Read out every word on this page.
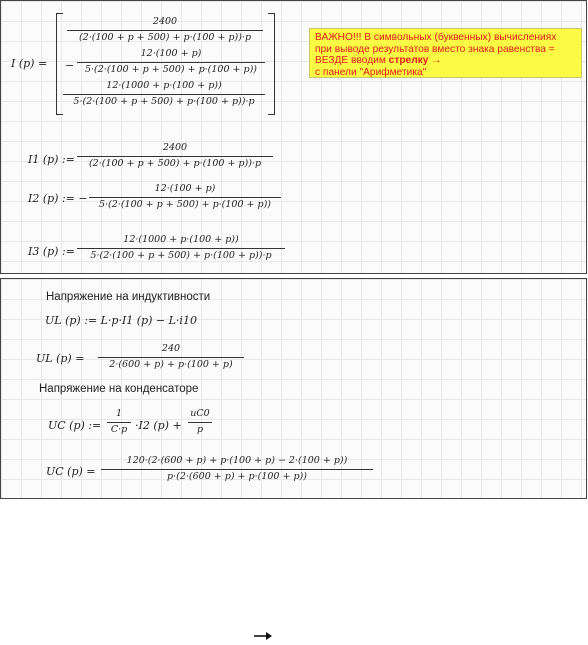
I (p) =
2400
(2·(100 + p + 500) + p·(100 + p))·p
−
12·(100 + p)
5·(2·(100 + p + 500) + p·(100 + p))
12·(1000 + p·(100 + p))
5·(2·(100 + p + 500) + p·(100 + p))·p
ВАЖНО!!! В символьных (буквенных) вычислениях
при выводе результатов вместо знака равенства =
ВЕЗДЕ вводим стрелку →
с панели "Арифметика"
I1 (p) :=
2400
(2·(100 + p + 500) + p·(100 + p))·p
I2 (p) := −
12·(100 + p)
5·(2·(100 + p + 500) + p·(100 + p))
I3 (p) :=
12·(1000 + p·(100 + p))
5·(2·(100 + p + 500) + p·(100 + p))·p
Напряжение на индуктивности
UL (p) := L·p·I1 (p) − L·i10
UL (p) =
240
2·(600 + p) + p·(100 + p)
Напряжение на конденсаторе
UC (p) :=
1
C·p ·I2 (p) +
uC0
p
UC (p) =
120·(2·(600 + p) + p·(100 + p) − 2·(100 + p))
p·(2·(600 + p) + p·(100 + p))
